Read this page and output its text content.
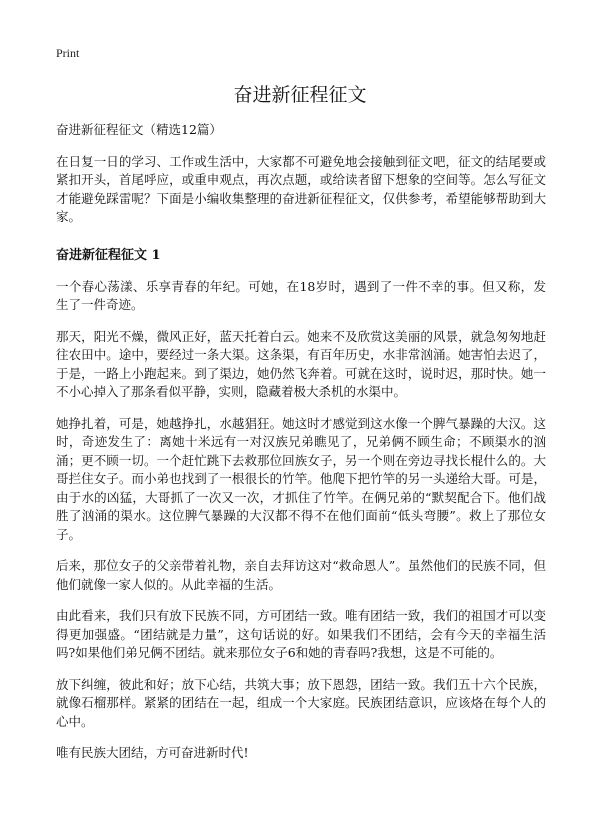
Print
奋进新征程征文

奋进新征程征文（精选12篇）

在日复一日的学习、工作或生活中，大家都不可避免地会接触到征文吧，征文的结尾要或紧扣开头，首尾呼应，或重申观点，再次点题，或给读者留下想象的空间等。怎么写征文才能避免踩雷呢？下面是小编收集整理的奋进新征程征文，仅供参考，希望能够帮助到大家。

奋进新征程征文 1

一个春心荡漾、乐享青春的年纪。可她，在18岁时，遇到了一件不幸的事。但又称，发生了一件奇迹。

那天，阳光不燥，微风正好，蓝天托着白云。她来不及欣赏这美丽的风景，就急匆匆地赶往农田中。途中，要经过一条大渠。这条渠，有百年历史，水非常汹涌。她害怕去迟了，于是，一路上小跑起来。到了渠边，她仍然飞奔着。可就在这时，说时迟，那时快。她一不小心掉入了那条看似平静，实则，隐藏着极大杀机的水渠中。

她挣扎着，可是，她越挣扎，水越猖狂。她这时才感觉到这水像一个脾气暴躁的大汉。这时，奇迹发生了：离她十米远有一对汉族兄弟瞧见了，兄弟俩不顾生命；不顾渠水的汹涌；更不顾一切。一个赶忙跳下去救那位回族女子，另一个则在旁边寻找长棍什么的。大哥拦住女子。而小弟也找到了一根很长的竹竿。他爬下把竹竿的另一头递给大哥。可是，由于水的凶猛，大哥抓了一次又一次，才抓住了竹竿。在俩兄弟的“默契配合下。他们战胜了汹涌的渠水。这位脾气暴躁的大汉都不得不在他们面前“低头弯腰”。救上了那位女子。

后来，那位女子的父亲带着礼物，亲自去拜访这对“救命恩人”。虽然他们的民族不同，但他们就像一家人似的。从此幸福的生活。

由此看来，我们只有放下民族不同，方可团结一致。唯有团结一致，我们的祖国才可以变得更加强盛。“团结就是力量”，这句话说的好。如果我们不团结，会有今天的幸福生活吗?如果他们弟兄俩不团结。就来那位女子6和她的青春吗?我想，这是不可能的。

放下纠缠，彼此和好；放下心结，共筑大事；放下恩怨，团结一致。我们五十六个民族，就像石榴那样。紧紧的团结在一起，组成一个大家庭。民族团结意识，应该烙在每个人的心中。

唯有民族大团结，方可奋进新时代!
